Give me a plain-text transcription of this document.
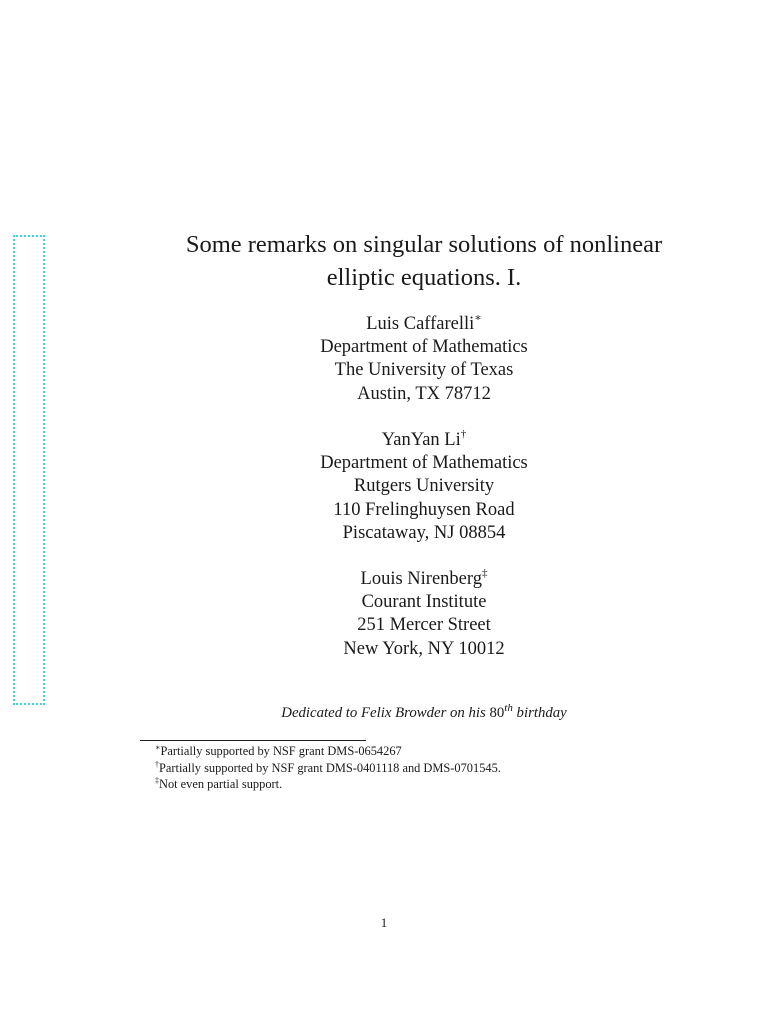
Some remarks on singular solutions of nonlinear
elliptic equations. I.
Luis Caffarelli∗
Department of Mathematics
The University of Texas
Austin, TX 78712
YanYan Li†
Department of Mathematics
Rutgers University
110 Frelinghuysen Road
Piscataway, NJ 08854
Louis Nirenberg‡
Courant Institute
251 Mercer Street
New York, NY 10012
Dedicated to Felix Browder on his 80th birthday
∗Partially supported by NSF grant DMS-0654267
†Partially supported by NSF grant DMS-0401118 and DMS-0701545.
‡Not even partial support.
1
